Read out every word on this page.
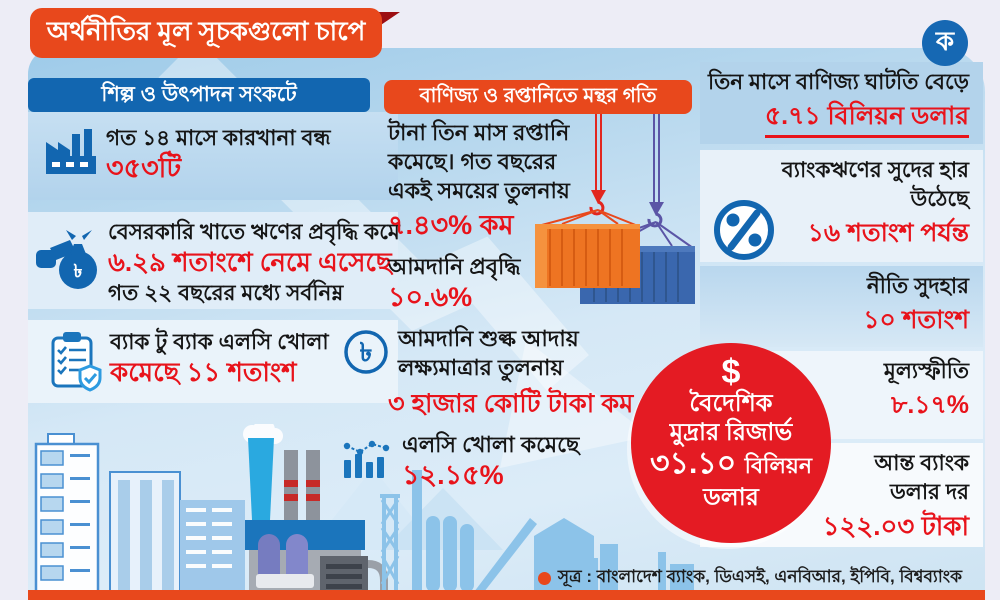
অর্থনীতির মূল সূচকগুলো চাপে	ক
শিল্প ও উৎপাদন সংকটে	বাণিজ্য ও রপ্তানিতে মন্থর গতি
গত ১৪ মাসে কারখানা বন্ধ
৩৫৩টি
৳
বেসরকারি খাতে ঋণের প্রবৃদ্ধি কমে
৬.২৯ শতাংশে নেমে এসেছে
গত ২২ বছরের মধ্যে সর্বনিম্ন
ব্যাক টু ব্যাক এলসি খোলা
কমেছে ১১ শতাংশ
টানা তিন মাস রপ্তানি
কমেছে। গত বছরের
একই সময়ের তুলনায়
৭.৪৩% কম
আমদানি প্রবৃদ্ধি
১০.৬%
৳ আমদানি শুল্ক আদায়
লক্ষ্যমাত্রার তুলনায়
৩ হাজার কোটি টাকা কম
এলসি খোলা কমেছে
১২.১৫%
তিন মাসে বাণিজ্য ঘাটতি বেড়ে
৫.৭১ বিলিয়ন ডলার
ব্যাংকঋণের সুদের হার
উঠেছে
১৬ শতাংশ পর্যন্ত
নীতি সুদহার
১০ শতাংশ
মূল্যস্ফীতি
৮.১৭%
আন্ত ব্যাংক
ডলার দর
১২২.০৩ টাকা
$
বৈদেশিক
মুদ্রার রিজার্ভ
৩১.১০ বিলিয়ন
ডলার
সূত্র : বাংলাদেশ ব্যাংক, ডিএসই, এনবিআর, ইপিবি, বিশ্বব্যাংক
